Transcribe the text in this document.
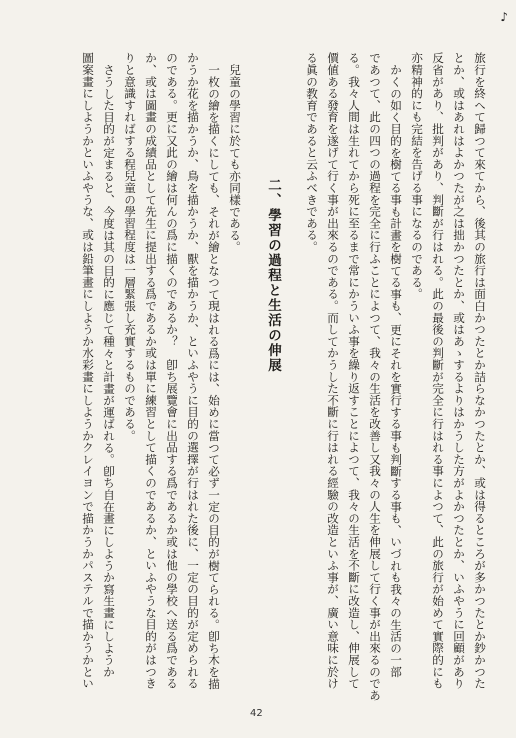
♪
旅行を終へて歸つて來てから、後其の旅行は面白かつたとか詰らなかつたとか、或は得るところが多かつたとか鈔かつた
とか、或はあれはよかつたが之は拙かつたとか、或はあゝするよりはかうした方がよかつたとか、いふやうに回顧があり
反省があり、批判があり、判斷が行はれる。此の最後の判斷が完全に行はれる事によつて、此の旅行が始めて實際的にも
亦精神的にも完結を告げる事になるのである。
かくの如く目的を樹てる事も計畫を樹てる事も、更にそれを實行する事も判斷する事も、いづれも我々の生活の一部
であつて、此の四つの過程を完全に行ふことによつて、我々の生活を改善し又我々の人生を伸展して行く事が出來るのであ
る。我々人間は生れてから死に至るまで常にかういふ事を繰り返すことによつて、我々の生活を不斷に改造し、伸展して
價値ある發育を遂げて行く事が出來るのである。而してかうした不斷に行はれる經驗の改造といふ事が、廣い意味に於け
る眞の教育であると云ふべきである。
二、學習の過程と生活の伸展
兒童の學習に於ても亦同樣である。
一枚の繪を描くにしても、それが繪となつて現はれる爲には、始めに當つて必ず一定の目的が樹てられる。卽ち木を描
かうか花を描かうか、鳥を描かうか、獸を描かうか、といふやうに目的の選擇が行はれた後に、一定の目的が定められる
のである。更に又此の繪は何んの爲に描くのであるか？　卽ち展覽會に出品する爲であるか或は他の學校へ送る爲である
か、或は圖畫の成績品として先生に提出する爲であるか或は單に練習として描くのであるか、といふやうな目的がはつき
りと意識すればする程兒童の學習程度は一層緊張し充實するものである。
さうした目的が定まると、今度は其の目的に應じて種々と計畫が運ばれる。卽ち自在畫にしようか寫生畫にしようか
圖案畫にしようかといふやうな、或は鉛筆畫にしようか水彩畫にしようかクレイヨンで描かうかパステルで描かうかとい
42
